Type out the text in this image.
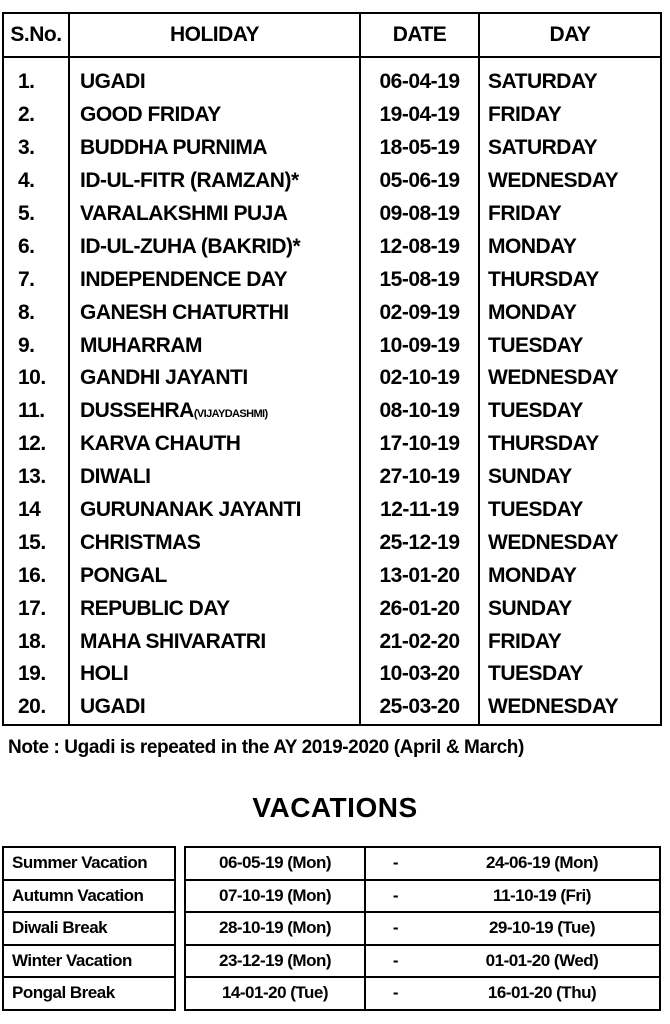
S.No.	HOLIDAY	DATE	DAY
1.	UGADI	06-04-19	SATURDAY
2.	GOOD FRIDAY	19-04-19	FRIDAY
3.	BUDDHA PURNIMA	18-05-19	SATURDAY
4.	ID-UL-FITR (RAMZAN)*	05-06-19	WEDNESDAY
5.	VARALAKSHMI PUJA	09-08-19	FRIDAY
6.	ID-UL-ZUHA (BAKRID)*	12-08-19	MONDAY
7.	INDEPENDENCE DAY	15-08-19	THURSDAY
8.	GANESH CHATURTHI	02-09-19	MONDAY
9.	MUHARRAM	10-09-19	TUESDAY
10.	GANDHI JAYANTI	02-10-19	WEDNESDAY
11.	DUSSEHRA(VIJAYDASHMI)	08-10-19	TUESDAY
12.	KARVA CHAUTH	17-10-19	THURSDAY
13.	DIWALI	27-10-19	SUNDAY
14	GURUNANAK JAYANTI	12-11-19	TUESDAY
15.	CHRISTMAS	25-12-19	WEDNESDAY
16.	PONGAL	13-01-20	MONDAY
17.	REPUBLIC DAY	26-01-20	SUNDAY
18.	MAHA SHIVARATRI	21-02-20	FRIDAY
19.	HOLI	10-03-20	TUESDAY
20.	UGADI	25-03-20	WEDNESDAY
Note : Ugadi is repeated in the AY 2019-2020 (April & March)
VACATIONS
Summer Vacation		06-05-19 (Mon)	-	24-06-19 (Mon)
Autumn Vacation		07-10-19 (Mon)	-	11-10-19 (Fri)
Diwali Break		28-10-19 (Mon)	-	29-10-19 (Tue)
Winter Vacation		23-12-19 (Mon)	-	01-01-20 (Wed)
Pongal Break		14-01-20 (Tue)	-	16-01-20 (Thu)
